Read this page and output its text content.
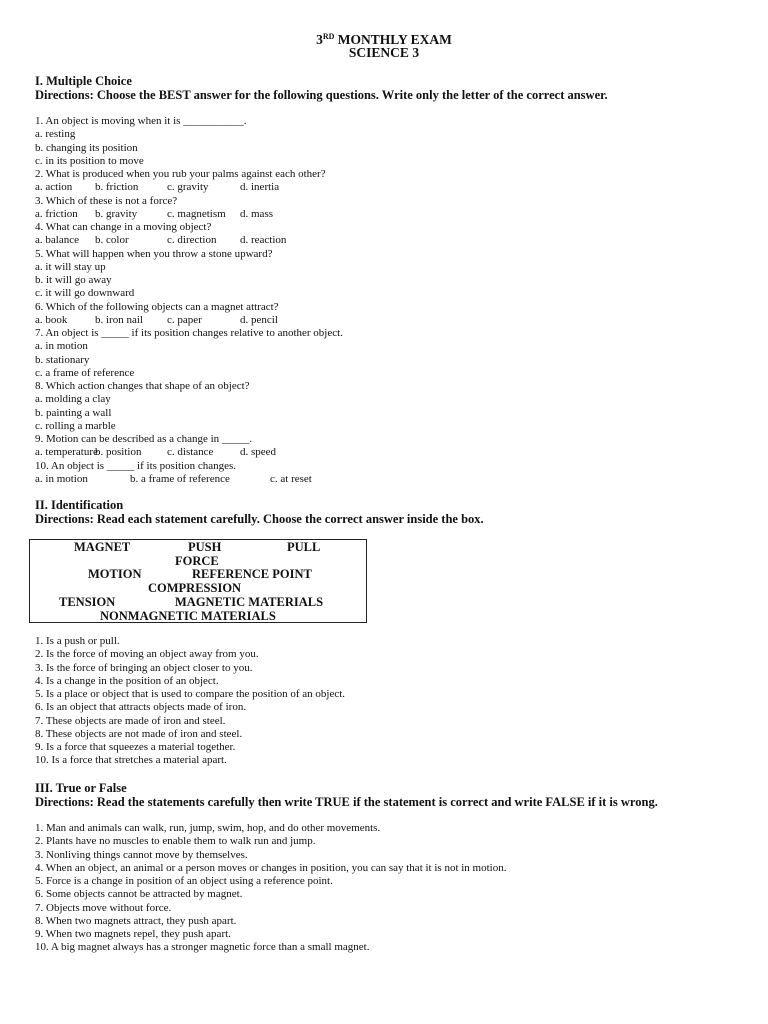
3RD MONTHLY EXAM
SCIENCE 3
I. Multiple Choice
Directions: Choose the BEST answer for the following questions. Write only the letter of the correct answer.
1. An object is moving when it is ___________.
a. resting
b. changing its position
c. in its position to move
2. What is produced when you rub your palms against each other?
a. action b. friction	c. gravity	d. inertia
3. Which of these is not a force?
a. friction b. gravity	c. magnetism d. mass
4. What can change in a moving object?
a. balance b. color	c. direction d. reaction
5. What will happen when you throw a stone upward?
a. it will stay up
b. it will go away
c. it will go downward
6. Which of the following objects can a magnet attract?
a. book	b. iron nail c. paper	d. pencil
7. An object is _____ if its position changes relative to another object.
a. in motion
b. stationary
c. a frame of reference
8. Which action changes that shape of an object?
a. molding a clay
b. painting a wall
c. rolling a marble
9. Motion can be described as a change in _____.
a. temperature
b. position c. distance d. speed
10. An object is _____ if its position changes.
a. in motion	b. a frame of reference	c. at reset
II. Identification
Directions: Read each statement carefully. Choose the correct answer inside the box.
MAGNET	PUSH	PULL
FORCE
MOTION	REFERENCE POINT
COMPRESSION
TENSION	MAGNETIC MATERIALS
NONMAGNETIC MATERIALS
1. Is a push or pull.
2. Is the force of moving an object away from you.
3. Is the force of bringing an object closer to you.
4. Is a change in the position of an object.
5. Is a place or object that is used to compare the position of an object.
6. Is an object that attracts objects made of iron.
7. These objects are made of iron and steel.
8. These objects are not made of iron and steel.
9. Is a force that squeezes a material together.
10. Is a force that stretches a material apart.
III. True or False
Directions: Read the statements carefully then write TRUE if the statement is correct and write FALSE if it is wrong.
1. Man and animals can walk, run, jump, swim, hop, and do other movements.
2. Plants have no muscles to enable them to walk run and jump.
3. Nonliving things cannot move by themselves.
4. When an object, an animal or a person moves or changes in position, you can say that it is not in motion.
5. Force is a change in position of an object using a reference point.
6. Some objects cannot be attracted by magnet.
7. Objects move without force.
8. When two magnets attract, they push apart.
9. When two magnets repel, they push apart.
10. A big magnet always has a stronger magnetic force than a small magnet.
